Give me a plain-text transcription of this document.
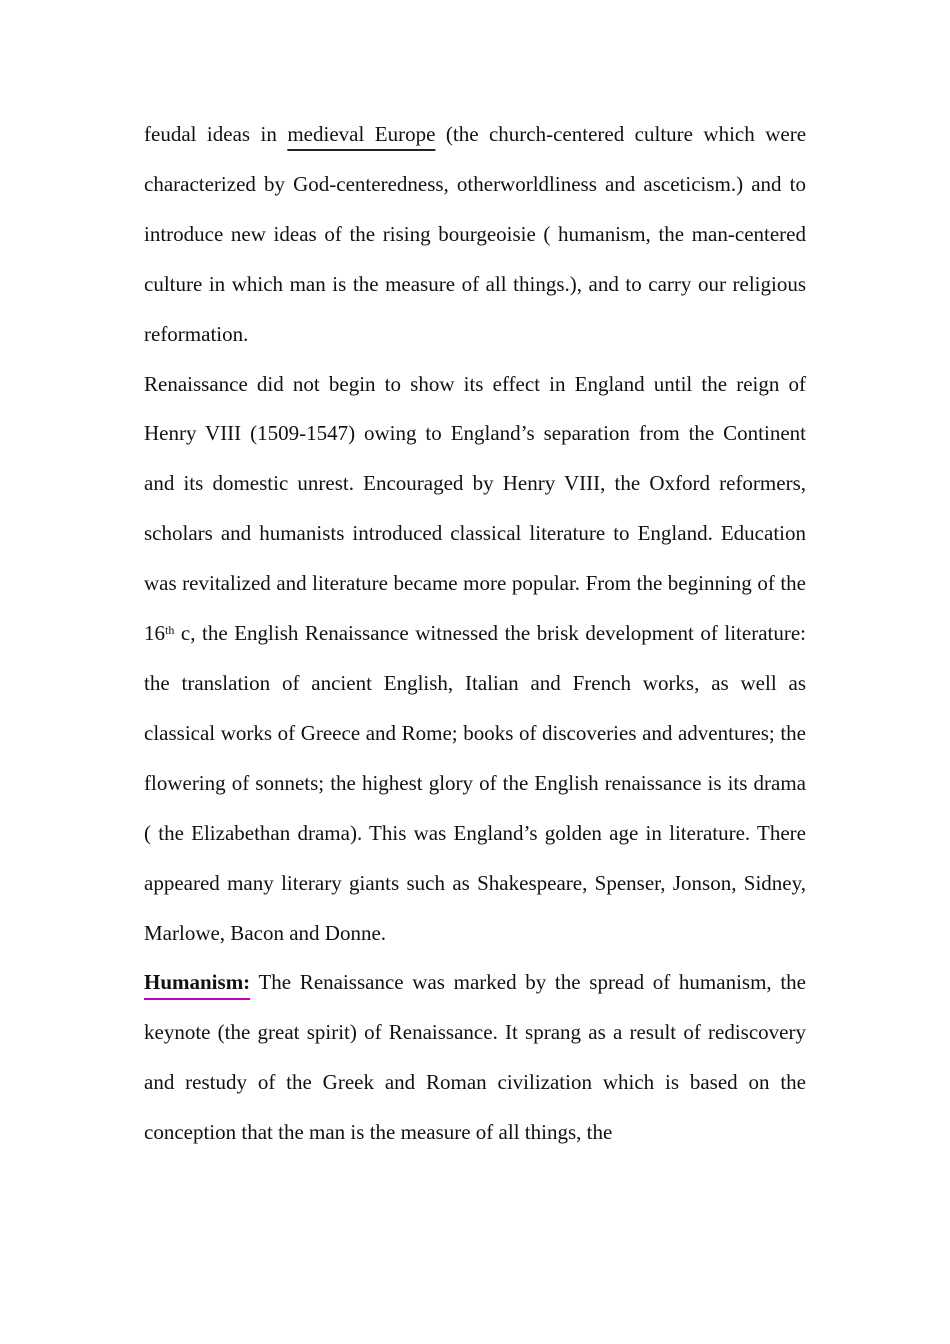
feudal ideas in medieval Europe (the church-centered culture which were characterized by God-centeredness, otherworldliness and asceticism.) and to introduce new ideas of the rising bourgeoisie ( humanism, the man-centered culture in which man is the measure of all things.), and to carry our religious reformation.

Renaissance did not begin to show its effect in England until the reign of Henry VIII (1509-1547) owing to England’s separation from the Continent and its domestic unrest. Encouraged by Henry VIII, the Oxford reformers, scholars and humanists introduced classical literature to England. Education was revitalized and literature became more popular. From the beginning of the 16th c, the English Renaissance witnessed the brisk development of literature: the translation of ancient English, Italian and French works, as well as classical works of Greece and Rome; books of discoveries and adventures; the flowering of sonnets; the highest glory of the English renaissance is its drama ( the Elizabethan drama). This was England’s golden age in literature. There appeared many literary giants such as Shakespeare, Spenser, Jonson, Sidney, Marlowe, Bacon and Donne.

Humanism: The Renaissance was marked by the spread of humanism, the keynote (the great spirit) of Renaissance. It sprang as a result of rediscovery and restudy of the Greek and Roman civilization which is based on the conception that the man is the measure of all things, the
